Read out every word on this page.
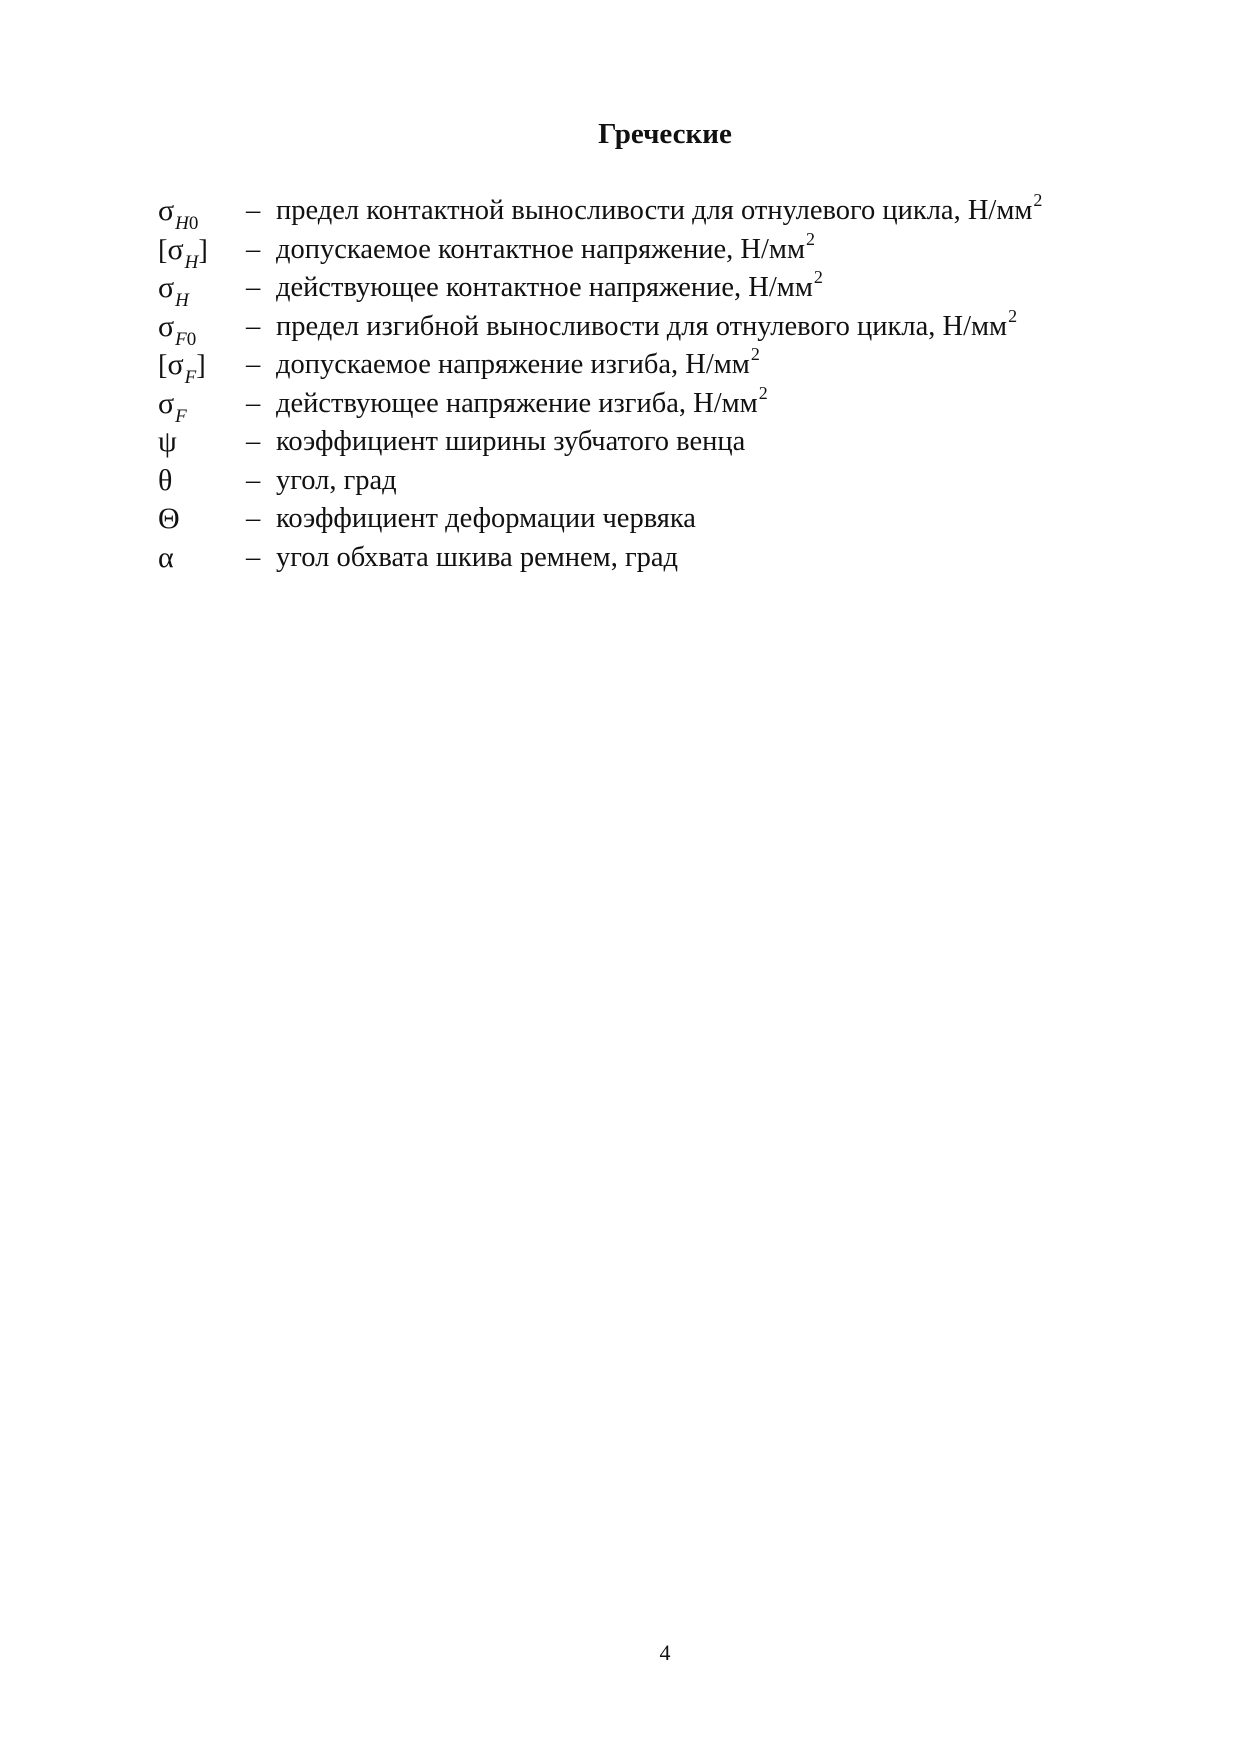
Греческие
$\sigma_{H0}$	– предел контактной выносливости для отнулевого цикла, $Н/мм^2$
$[\sigma_H]$	– допускаемое контактное напряжение, $Н/мм^2$
$\sigma_H$	– действующее контактное напряжение, $Н/мм^2$
$\sigma_{F0}$	– предел изгибной выносливости для отнулевого цикла, $Н/мм^2$
$[\sigma_F]$	– допускаемое напряжение изгиба, $Н/мм^2$
$\sigma_F$	– действующее напряжение изгиба, $Н/мм^2$
ψ	– коэффициент ширины зубчатого венца
θ	– угол, град
Θ	– коэффициент деформации червяка
α	– угол обхвата шкива ремнем, град
4
